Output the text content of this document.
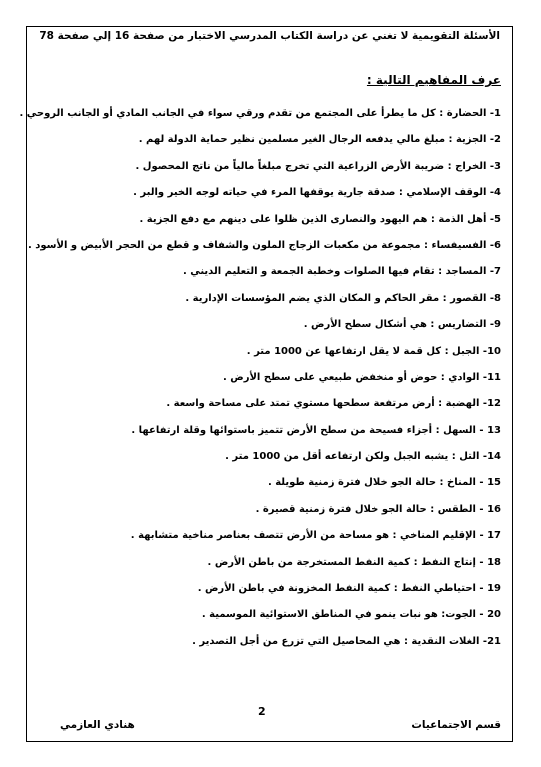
الأسئلة التقويمية لا تغني عن دراسة الكتاب المدرسي الاختبار من صفحة 16 إلي صفحة 78
عرف المفاهيم التالية :
1- الحضارة : كل ما يطرأ على المجتمع من تقدم ورقي سواء في الجانب المادي أو الجانب الروحي .
2- الجزية : مبلغ مالي يدفعه الرجال الغير مسلمين نظير حماية الدولة لهم .
3- الخراج : ضريبة الأرض الزراعية التي تخرج مبلغاً مالياً من ناتج المحصول .
4- الوقف الإسلامي : صدقة جارية يوقفها المرء في حياته لوجه الخير والبر .
5- أهل الذمة : هم اليهود والنصارى الذين ظلوا على دينهم مع دفع الجزية .
6- الفسيفساء : مجموعة من مكعبات الزجاج الملون والشفاف و قطع من الحجر الأبيض و الأسود .
7- المساجد : تقام فيها الصلوات وخطبة الجمعة و التعليم الديني .
8- القصور : مقر الحاكم و المكان الذي يضم المؤسسات الإدارية .
9- التضاريس : هي أشكال سطح الأرض .
10- الجبل : كل قمة لا يقل ارتفاعها عن 1000 متر .
11- الوادي : حوض أو منخفض طبيعي على سطح الأرض .
12- الهضبة : أرض مرتفعة سطحها مستوي تمتد على مساحة واسعة .
13 - السهل : أجزاء فسيحة من سطح الأرض تتميز باستوائها وقلة ارتفاعها .
14- التل : يشبه الجبل ولكن ارتفاعه أقل من 1000 متر .
15 - المناخ : حالة الجو خلال فترة زمنية طويلة .
16 - الطقس : حالة الجو خلال فترة زمنية قصيرة .
17 - الإقليم المناخي : هو مساحة من الأرض تتصف بعناصر مناخية متشابهة .
18 - إنتاج النفط : كمية النفط المستخرجة من باطن الأرض .
19 - احتياطي النفط : كمية النفط المخزونة في باطن الأرض .
20 - الجوت: هو نبات ينمو في المناطق الاستوائية الموسمية .
21- الغلات النقدية : هي المحاصيل التي تزرع من أجل التصدير .
2
قسم الاجتماعيات
هنادي العازمي
